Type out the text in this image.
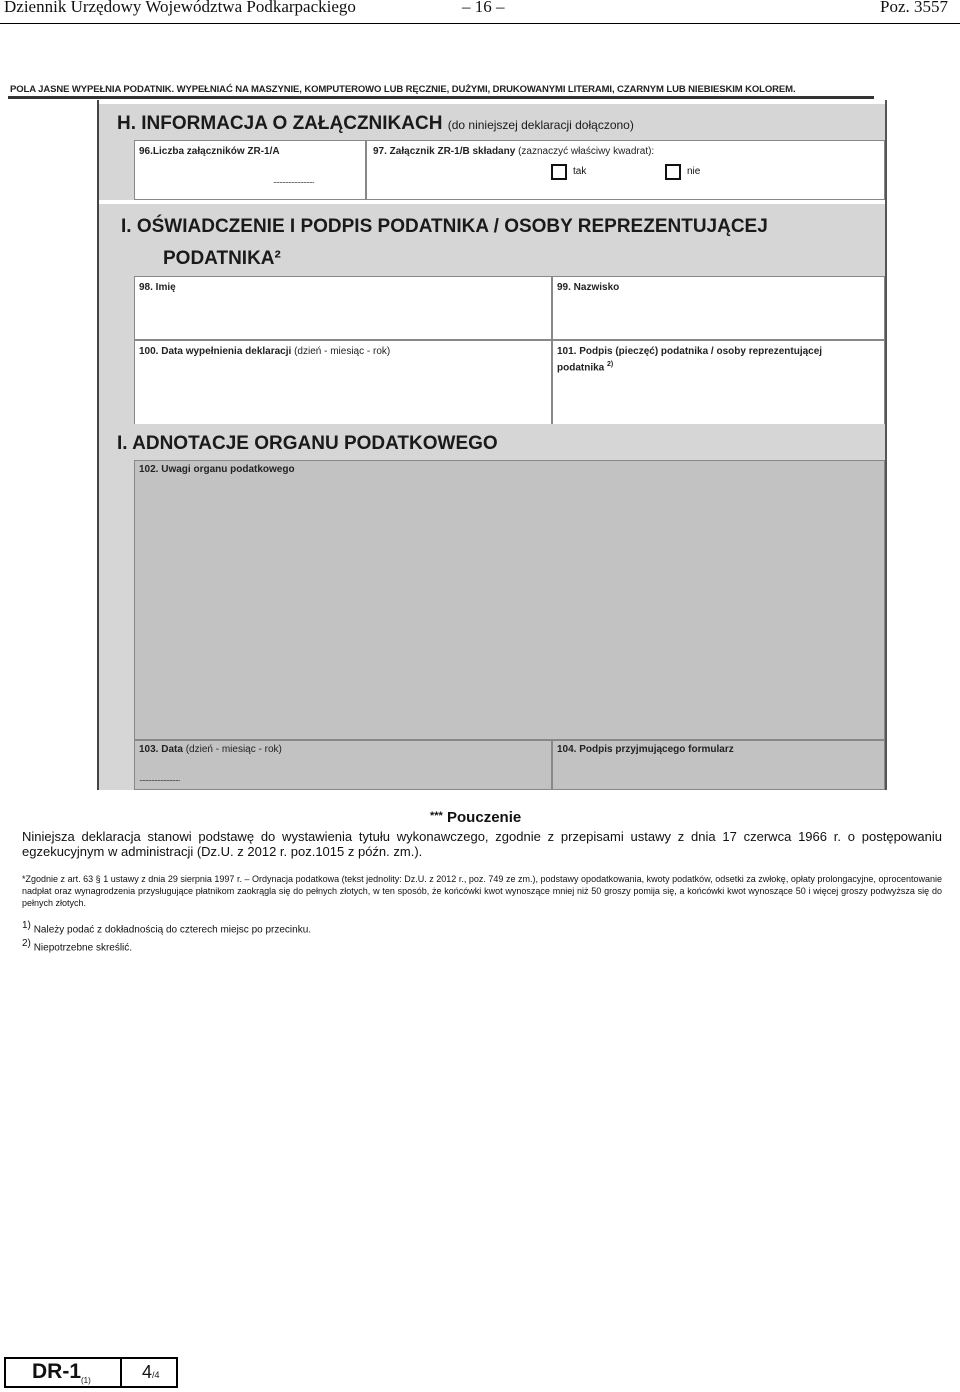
Dziennik Urzędowy Województwa Podkarpackiego	– 16 –	Poz. 3557
POLA JASNE WYPEŁNIA PODATNIK. WYPEŁNIAĆ NA MASZYNIE, KOMPUTEROWO LUB RĘCZNIE, DUŻYMI, DRUKOWANYMI LITERAMI, CZARNYM LUB NIEBIESKIM KOLOREM.
H. INFORMACJA O ZAŁĄCZNIKACH (do niniejszej deklaracji dołączono)
96.Liczba załączników ZR-1/A
...........................
97. Załącznik ZR-1/B składany (zaznaczyć właściwy kwadrat):
tak	nie
I. OŚWIADCZENIE I PODPIS PODATNIKA / OSOBY REPREZENTUJĄCEJ
PODATNIKA²
98. Imię	99. Nazwisko
100. Data wypełnienia deklaracji (dzień - miesiąc - rok)	101. Podpis (pieczęć) podatnika / osoby reprezentującej
podatnika $^{2)}$
I. ADNOTACJE ORGANU PODATKOWEGO
102. Uwagi organu podatkowego
103. Data (dzień - miesiąc - rok)
...........................
104. Podpis przyjmującego formularz
*** Pouczenie
Niniejsza deklaracja stanowi podstawę do wystawienia tytułu wykonawczego, zgodnie z przepisami ustawy z dnia 17 czerwca 1966 r. o postępowaniu egzekucyjnym w administracji (Dz.U. z 2012 r. poz.1015 z późn. zm.).
*Zgodnie z art. 63 § 1 ustawy z dnia 29 sierpnia 1997 r. – Ordynacja podatkowa (tekst jednolity: Dz.U. z 2012 r., poz. 749 ze zm.), podstawy opodatkowania, kwoty podatków, odsetki za zwłokę, opłaty prolongacyjne, oprocentowanie nadpłat oraz wynagrodzenia przysługujące płatnikom zaokrągla się do pełnych złotych, w ten sposób, że końcówki kwot wynoszące mniej niż 50 groszy pomija się, a końcówki kwot wynoszące 50 i więcej groszy podwyższa się do pełnych złotych.
$^{1)}$ Należy podać z dokładnością do czterech miejsc po przecinku.
$^{2)}$ Niepotrzebne skreślić.
$DR-1_{(1)}$	4/4
